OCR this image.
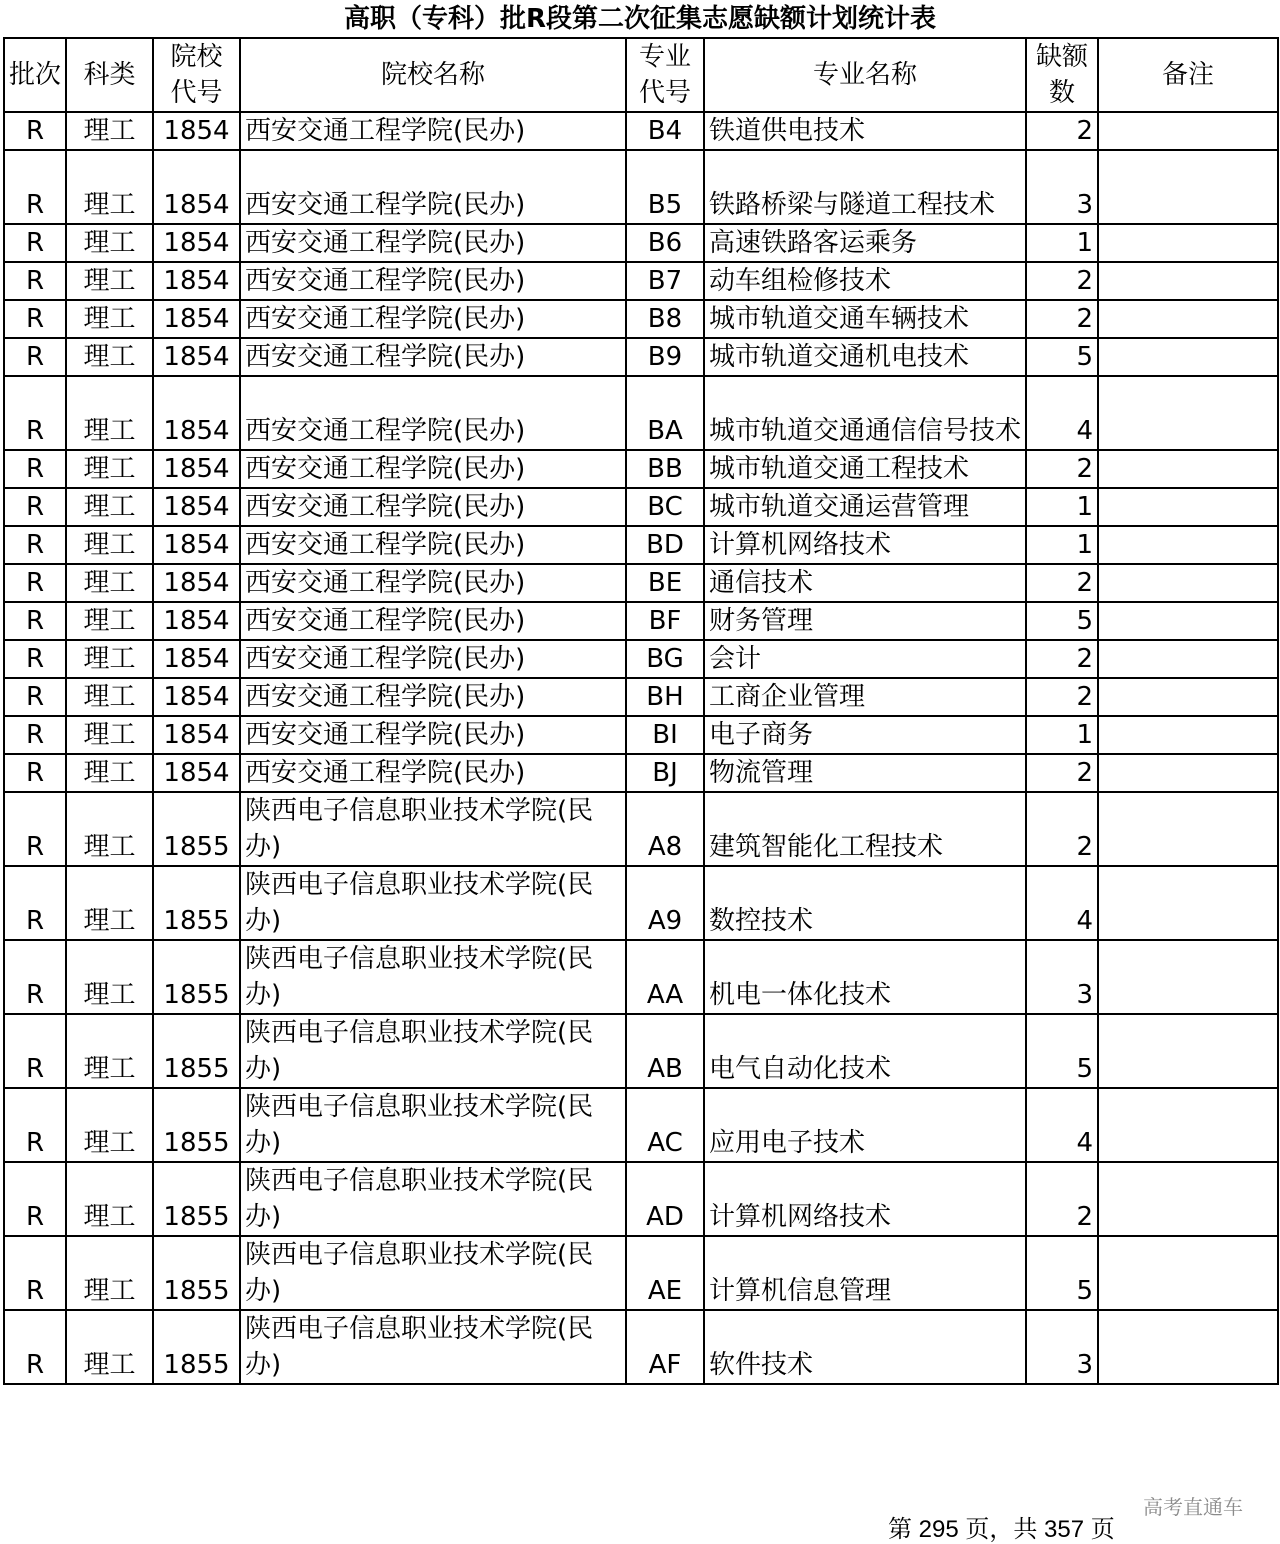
高职（专科）批R段第二次征集志愿缺额计划统计表
批次	科类	院校代号	院校名称	专业代号	专业名称	缺额数	备注
R	理工	1854	西安交通工程学院(民办)	B4	铁道供电技术	2	
R	理工	1854	西安交通工程学院(民办)	B5	铁路桥梁与隧道工程技术	3	
R	理工	1854	西安交通工程学院(民办)	B6	高速铁路客运乘务	1	
R	理工	1854	西安交通工程学院(民办)	B7	动车组检修技术	2	
R	理工	1854	西安交通工程学院(民办)	B8	城市轨道交通车辆技术	2	
R	理工	1854	西安交通工程学院(民办)	B9	城市轨道交通机电技术	5	
R	理工	1854	西安交通工程学院(民办)	BA	城市轨道交通通信信号技术	4	
R	理工	1854	西安交通工程学院(民办)	BB	城市轨道交通工程技术	2	
R	理工	1854	西安交通工程学院(民办)	BC	城市轨道交通运营管理	1	
R	理工	1854	西安交通工程学院(民办)	BD	计算机网络技术	1	
R	理工	1854	西安交通工程学院(民办)	BE	通信技术	2	
R	理工	1854	西安交通工程学院(民办)	BF	财务管理	5	
R	理工	1854	西安交通工程学院(民办)	BG	会计	2	
R	理工	1854	西安交通工程学院(民办)	BH	工商企业管理	2	
R	理工	1854	西安交通工程学院(民办)	BI	电子商务	1	
R	理工	1854	西安交通工程学院(民办)	BJ	物流管理	2	
R	理工	1855	陕西电子信息职业技术学院(民办)	A8	建筑智能化工程技术	2	
R	理工	1855	陕西电子信息职业技术学院(民办)	A9	数控技术	4	
R	理工	1855	陕西电子信息职业技术学院(民办)	AA	机电一体化技术	3	
R	理工	1855	陕西电子信息职业技术学院(民办)	AB	电气自动化技术	5	
R	理工	1855	陕西电子信息职业技术学院(民办)	AC	应用电子技术	4	
R	理工	1855	陕西电子信息职业技术学院(民办)	AD	计算机网络技术	2	
R	理工	1855	陕西电子信息职业技术学院(民办)	AE	计算机信息管理	5	
R	理工	1855	陕西电子信息职业技术学院(民办)	AF	软件技术	3	
高考直通车
第 295 页，共 357 页
